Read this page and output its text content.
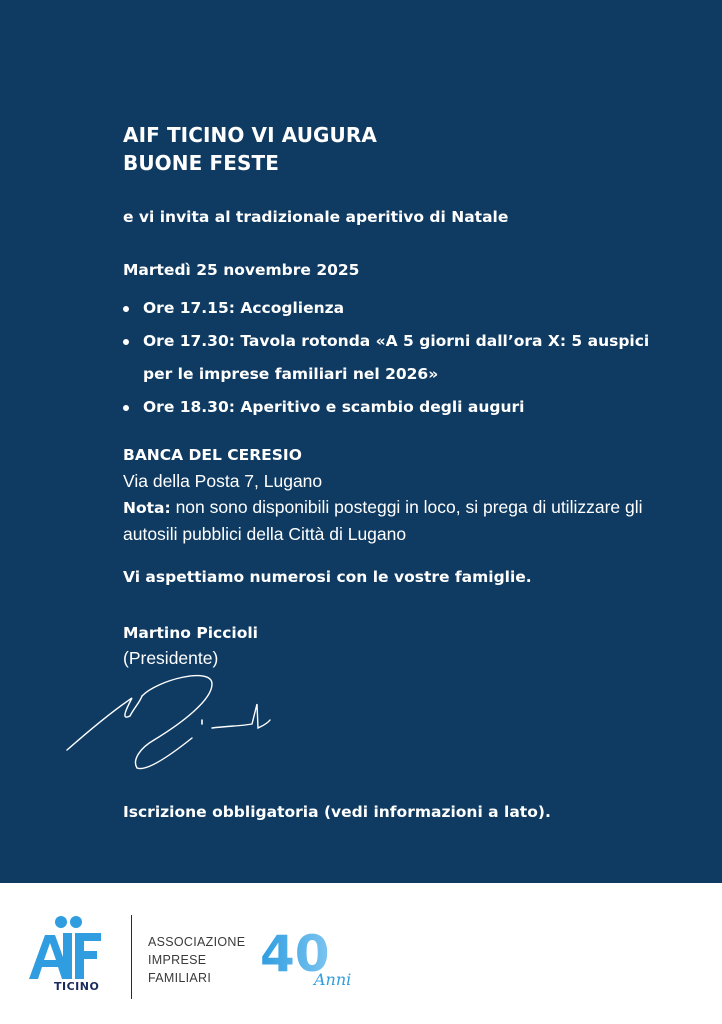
AIF TICINO VI AUGURA
BUONE FESTE
e vi invita al tradizionale aperitivo di Natale
Martedì 25 novembre 2025
Ore 17.15: Accoglienza
Ore 17.30: Tavola rotonda «A 5 giorni dall’ora X: 5 auspici per le imprese familiari nel 2026»
Ore 18.30: Aperitivo e scambio degli auguri
BANCA DEL CERESIO
Via della Posta 7, Lugano
Nota: non sono disponibili posteggi in loco, si prega di utilizzare gli autosili pubblici della Città di Lugano
Vi aspettiamo numerosi con le vostre famiglie.
Martino Piccioli
(Presidente)
Iscrizione obbligatoria (vedi informazioni a lato).
AIF
TICINO
ASSOCIAZIONE
IMPRESE
FAMILIARI 40
Anni
